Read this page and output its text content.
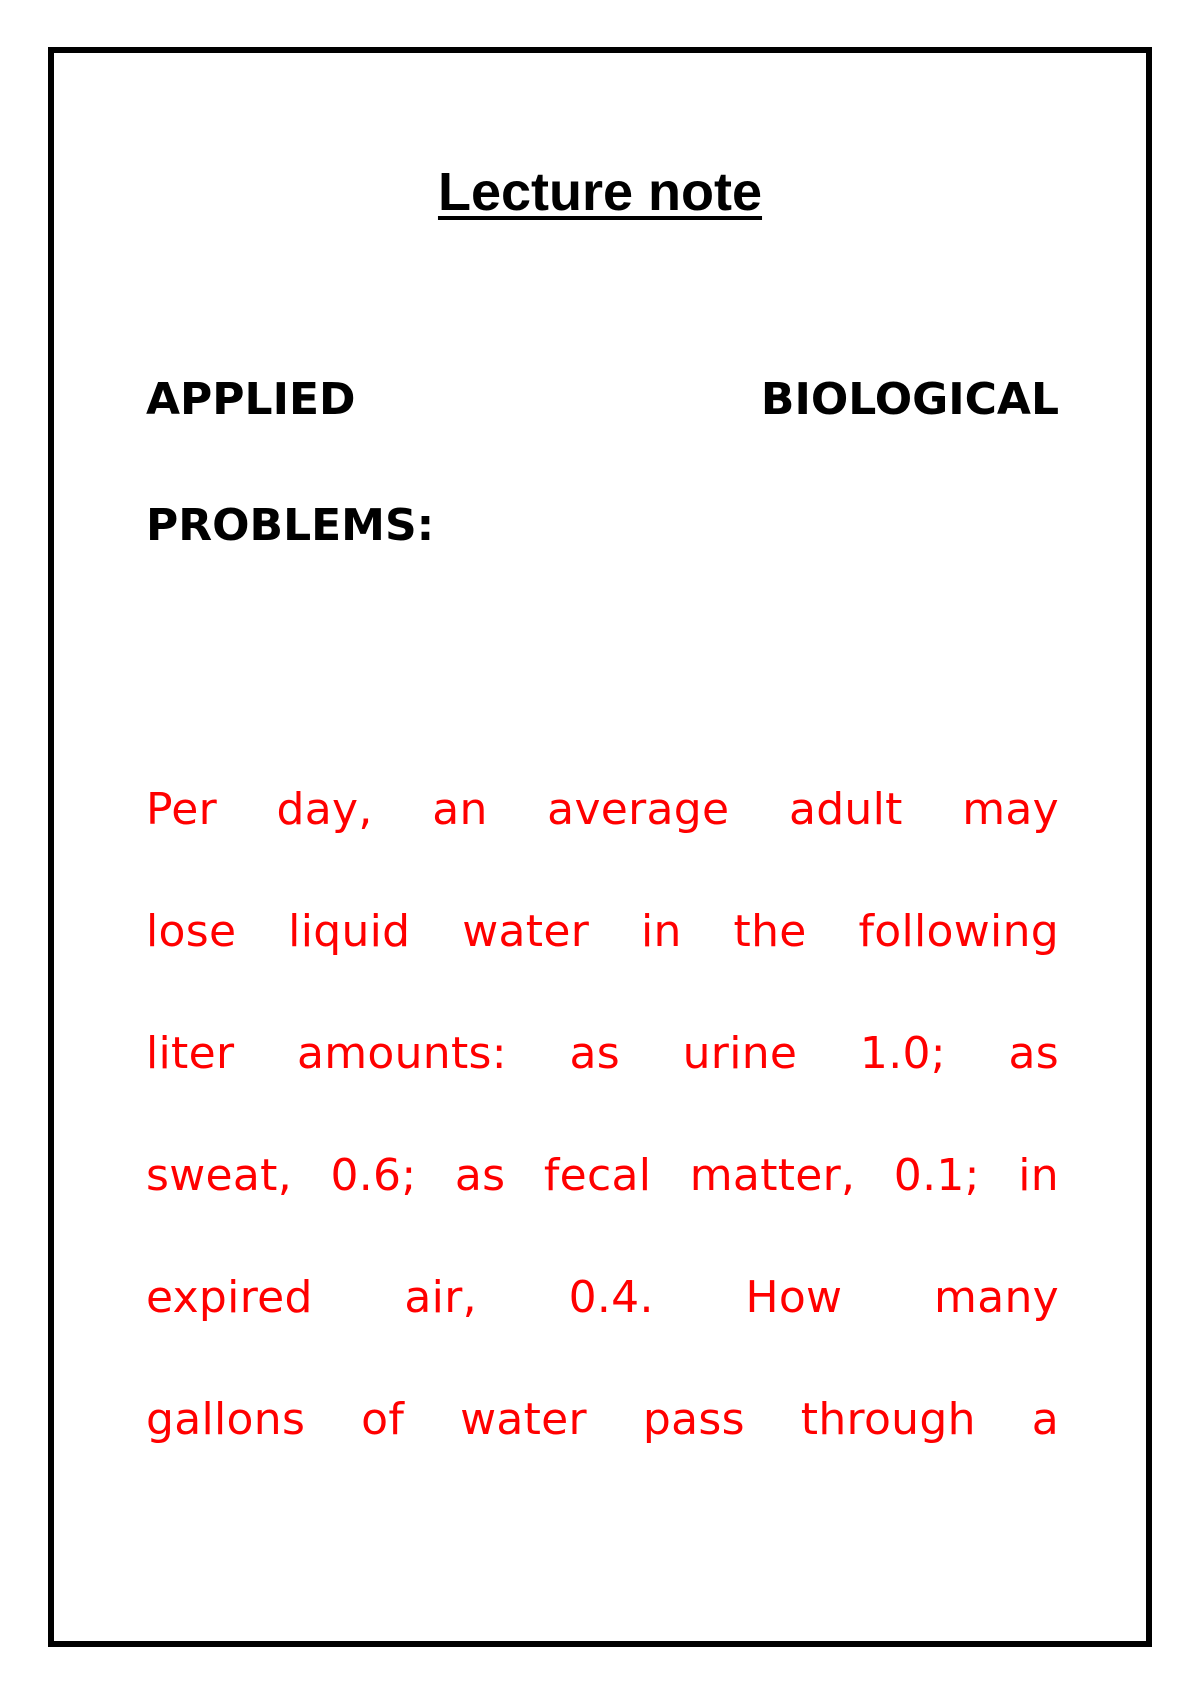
Lecture note
APPLIED BIOLOGICAL
PROBLEMS:
Per day, an average adult may
lose liquid water in the following
liter amounts: as urine 1.0; as
sweat, 0.6; as fecal matter, 0.1; in
expired air, 0.4. How many
gallons of water pass through a
